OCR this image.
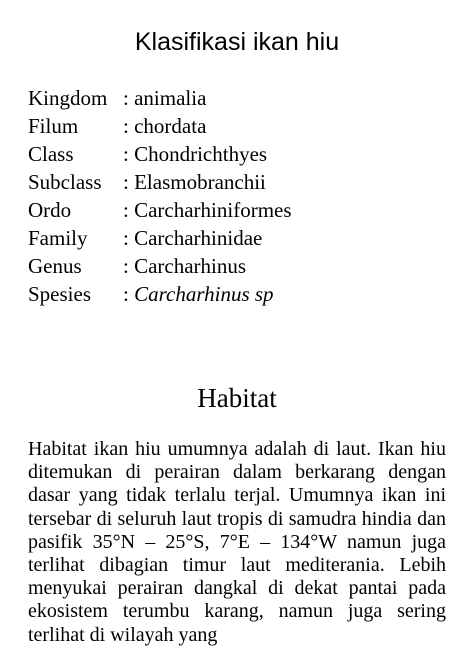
Klasifikasi ikan hiu
Kingdom :
animalia
Filum	:
chordata
Class	:
Chondrichthyes
Subclass	:
Elasmobranchii
Ordo	:
Carcharhiniformes
Family	:
Carcharhinidae
Genus	:
Carcharhinus
Spesies	:
Carcharhinus sp
Habitat

Habitat ikan hiu umumnya adalah di laut. Ikan hiu ditemukan di perairan dalam berkarang dengan dasar yang tidak terlalu terjal. Umumnya ikan ini tersebar di seluruh laut tropis di samudra hindia dan pasifik 35°N – 25°S, 7°E – 134°W namun juga terlihat dibagian timur laut mediterania. Lebih menyukai perairan dangkal di dekat pantai pada ekosistem terumbu karang, namun juga sering terlihat di wilayah yang
